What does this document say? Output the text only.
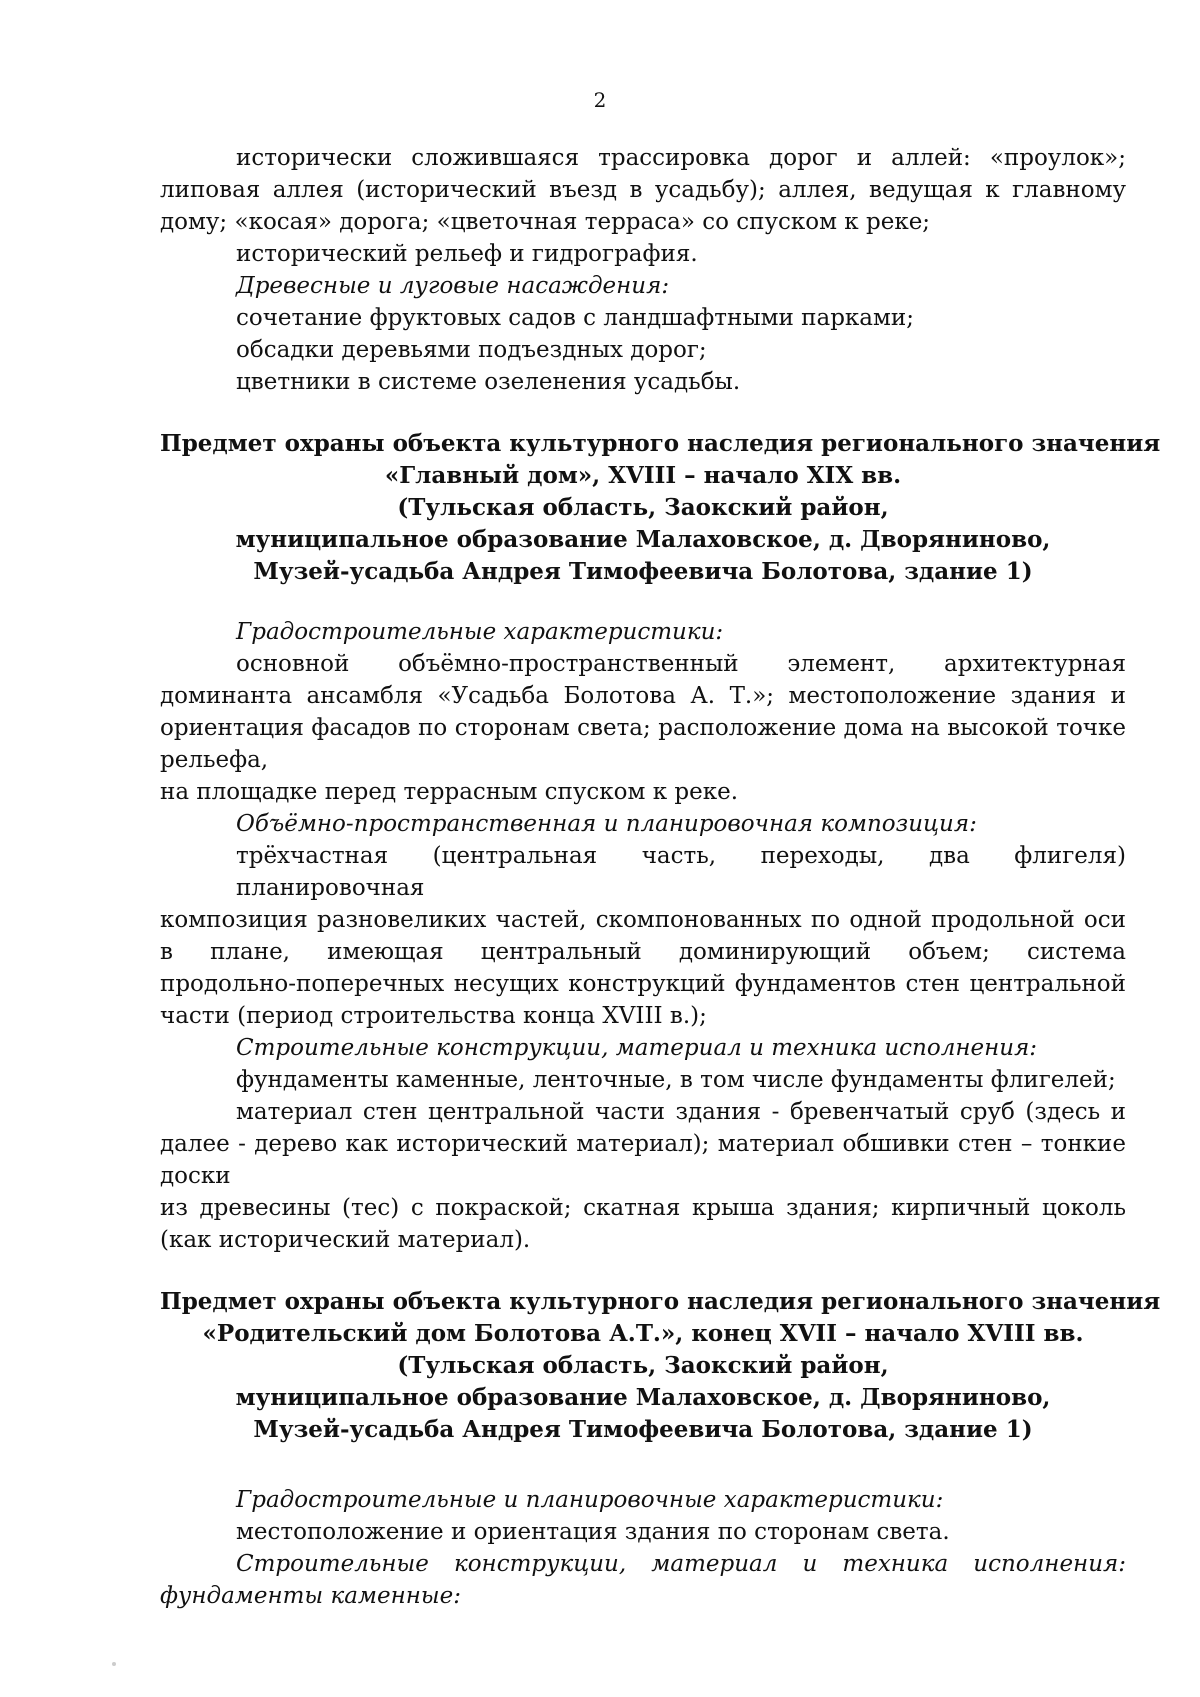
2
исторически сложившаяся трассировка дорог и аллей: «проулок»;
липовая аллея (исторический въезд в усадьбу); аллея, ведущая к главному
дому; «косая» дорога; «цветочная терраса» со спуском к реке;
исторический рельеф и гидрография.
Древесные и луговые насаждения:
сочетание фруктовых садов с ландшафтными парками;
обсадки деревьями подъездных дорог;
цветники в системе озеленения усадьбы.
Предмет охраны объекта культурного наследия регионального значения
«Главный дом», XVIII – начало XIX вв.
(Тульская область, Заокский район,
муниципальное образование Малаховское, д. Дворяниново,
Музей-усадьба Андрея Тимофеевича Болотова, здание 1)
Градостроительные характеристики:
основной объёмно-пространственный элемент, архитектурная
доминанта ансамбля «Усадьба Болотова А. Т.»; местоположение здания и
ориентация фасадов по сторонам света; расположение дома на высокой точке
рельефа,
на площадке перед террасным спуском к реке.
Объёмно-пространственная и планировочная композиция:
трёхчастная (центральная часть, переходы, два флигеля) планировочная
композиция разновеликих частей, скомпонованных по одной продольной оси
в плане, имеющая центральный доминирующий объем; система
продольно-поперечных несущих конструкций фундаментов стен центральной
части (период строительства конца XVIII в.);
Строительные конструкции, материал и техника исполнения:
фундаменты каменные, ленточные, в том числе фундаменты флигелей;
материал стен центральной части здания - бревенчатый сруб (здесь и
далее - дерево как исторический материал); материал обшивки стен – тонкие
доски
из древесины (тес) с покраской; скатная крыша здания; кирпичный цоколь
(как исторический материал).
Предмет охраны объекта культурного наследия регионального значения
«Родительский дом Болотова А.Т.», конец XVII – начало XVIII вв.
(Тульская область, Заокский район,
муниципальное образование Малаховское, д. Дворяниново,
Музей-усадьба Андрея Тимофеевича Болотова, здание 1)
Градостроительные и планировочные характеристики:
местоположение и ориентация здания по сторонам света.
Строительные конструкции, материал и техника исполнения:
фундаменты каменные:
